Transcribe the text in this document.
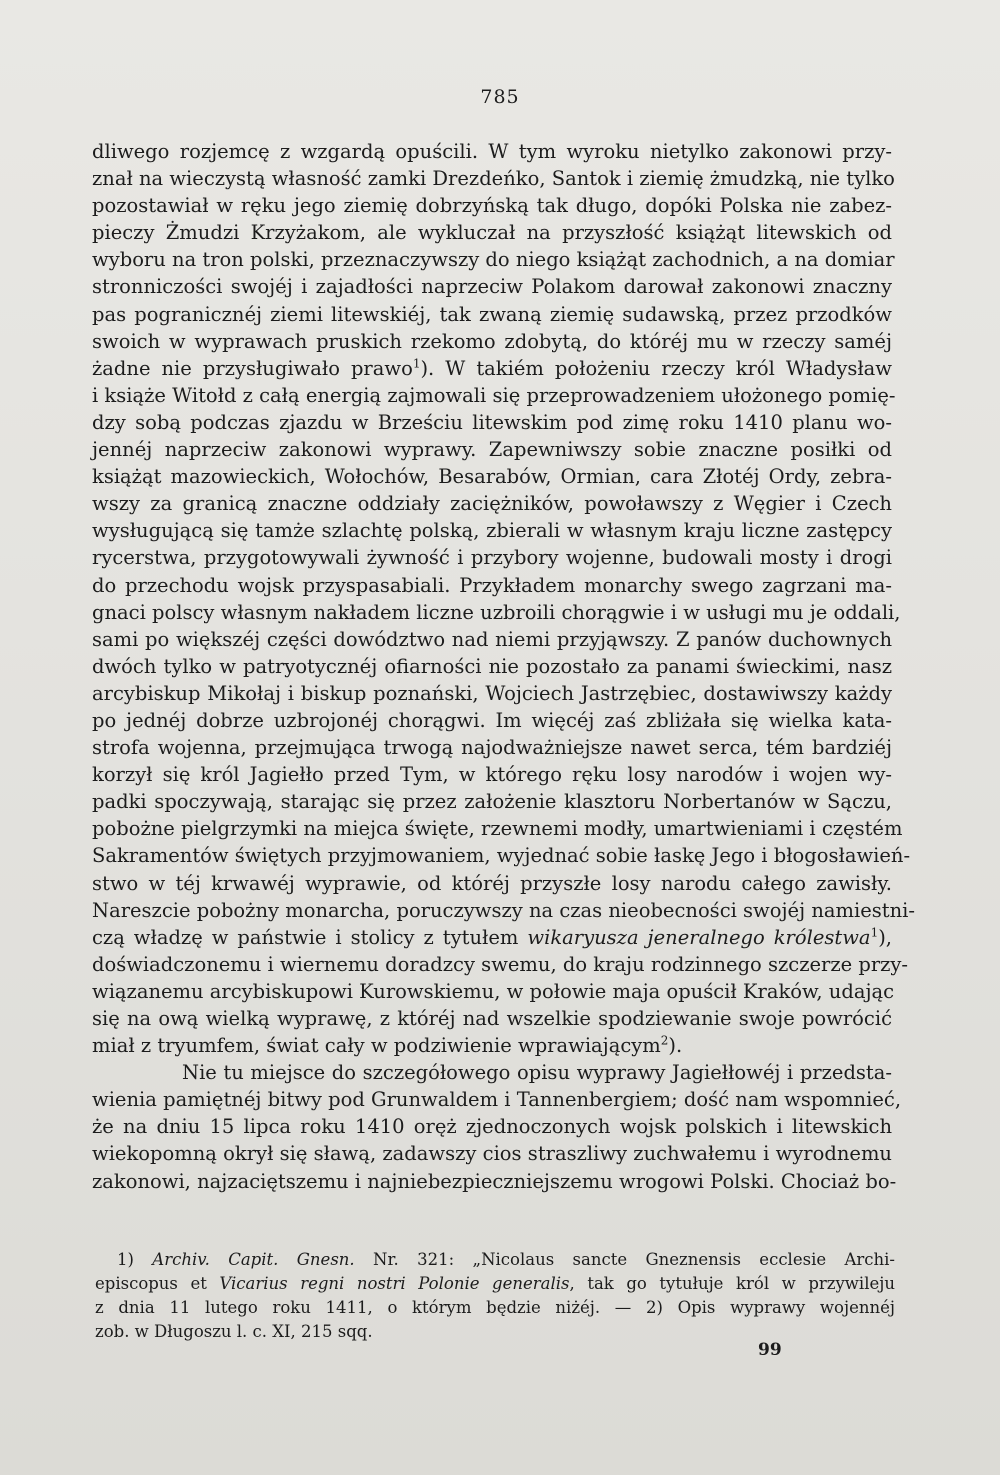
785
dliwego rozjemcę z wzgardą opuścili. W tym wyroku nietylko zakonowi przy-
znał na wieczystą własność zamki Drezdeńko, Santok i ziemię żmudzką, nie tylko
pozostawiał w ręku jego ziemię dobrzyńską tak długo, dopóki Polska nie zabez-
pieczy Żmudzi Krzyżakom, ale wykluczał na przyszłość książąt litewskich od
wyboru na tron polski, przeznaczywszy do niego książąt zachodnich, a na domiar
stronniczości swojéj i zajadłości naprzeciw Polakom darował zakonowi znaczny
pas pogranicznéj ziemi litewskiéj, tak zwaną ziemię sudawską, przez przodków
swoich w wyprawach pruskich rzekomo zdobytą, do któréj mu w rzeczy saméj
żadne nie przysługiwało prawo$^1$). W takiém położeniu rzeczy król Władysław
i książe Witołd z całą energią zajmowali się przeprowadzeniem ułożonego pomię-
dzy sobą podczas zjazdu w Brześciu litewskim pod zimę roku 1410 planu wo-
jennéj naprzeciw zakonowi wyprawy. Zapewniwszy sobie znaczne posiłki od
książąt mazowieckich, Wołochów, Besarabów, Ormian, cara Złotéj Ordy, zebra-
wszy za granicą znaczne oddziały zaciężników, powoławszy z Węgier i Czech
wysługującą się tamże szlachtę polską, zbierali w własnym kraju liczne zastępcy
rycerstwa, przygotowywali żywność i przybory wojenne, budowali mosty i drogi
do przechodu wojsk przyspasabiali. Przykładem monarchy swego zagrzani ma-
gnaci polscy własnym nakładem liczne uzbroili chorągwie i w usługi mu je oddali,
sami po większéj części dowództwo nad niemi przyjąwszy. Z panów duchownych
dwóch tylko w patryotycznéj ofiarności nie pozostało za panami świeckimi, nasz
arcybiskup Mikołaj i biskup poznański, Wojciech Jastrzębiec, dostawiwszy każdy
po jednéj dobrze uzbrojonéj chorągwi. Im więcéj zaś zbliżała się wielka kata-
strofa wojenna, przejmująca trwogą najodważniejsze nawet serca, tém bardziéj
korzył się król Jagiełło przed Tym, w którego ręku losy narodów i wojen wy-
padki spoczywają, starając się przez założenie klasztoru Norbertanów w Sączu,
pobożne pielgrzymki na miejca święte, rzewnemi modły, umartwieniami i częstém
Sakramentów świętych przyjmowaniem, wyjednać sobie łaskę Jego i błogosławień-
stwo w téj krwawéj wyprawie, od któréj przyszłe losy narodu całego zawisły.
Nareszcie pobożny monarcha, poruczywszy na czas nieobecności swojéj namiestni-
czą władzę w państwie i stolicy z tytułem wikaryusza jeneralnego królestwa$^1$),
doświadczonemu i wiernemu doradzcy swemu, do kraju rodzinnego szczerze przy-
wiązanemu arcybiskupowi Kurowskiemu, w połowie maja opuścił Kraków, udając
się na ową wielką wyprawę, z któréj nad wszelkie spodziewanie swoje powrócić
miał z tryumfem, świat cały w podziwienie wprawiającym$^2$).
Nie tu miejsce do szczegółowego opisu wyprawy Jagiełłowéj i przedsta-
wienia pamiętnéj bitwy pod Grunwaldem i Tannenbergiem; dość nam wspomnieć,
że na dniu 15 lipca roku 1410 oręż zjednoczonych wojsk polskich i litewskich
wiekopomną okrył się sławą, zadawszy cios straszliwy zuchwałemu i wyrodnemu
zakonowi, najzaciętszemu i najniebezpieczniejszemu wrogowi Polski. Chociaż bo-
1) Archiv. Capit. Gnesn. Nr. 321: „Nicolaus sancte Gneznensis ecclesie Archi-
episcopus et Vicarius regni nostri Polonie generalis, tak go tytułuje król w przywileju
z dnia 11 lutego roku 1411, o którym będzie niżéj. — 2) Opis wyprawy wojennéj
zob. w Długoszu l. c. XI, 215 sqq.
99
